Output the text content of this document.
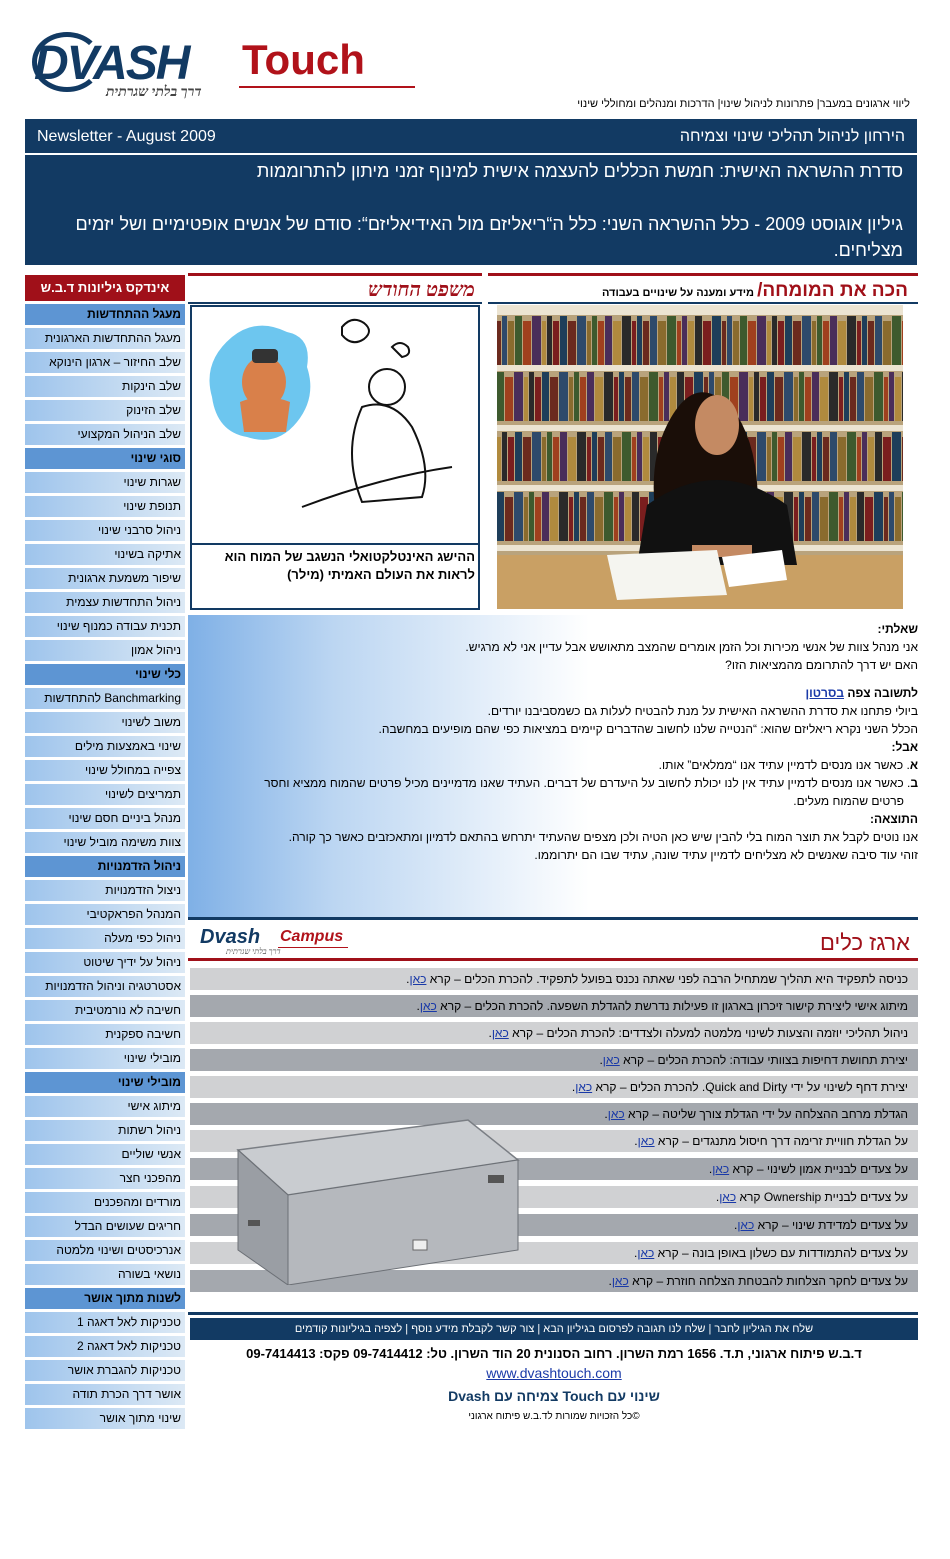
DVASH Touch
דרך בלתי שגרתית
ליווי ארגונים במעבר| פתרונות לניהול שינוי| הדרכות ומנהלים ומחוללי שינוי
Newsletter - August 2009	הירחון לניהול תהליכי שינוי וצמיחה
סדרת ההשראה האישית: חמשת הכללים להעצמה אישית למינוף זמני מיתון להתרוממות
גיליון אוגוסט 2009 - כלל ההשראה השני: כלל ה“ריאליזם מול האידיאליזם“: סודם של אנשים אופטימיים ושל יזמים מצליחים.
אינדקס גיליונות ד.ב.ש
מעגל ההתחדשות
מעגל ההתחדשות הארגונית
שלב החיזור – ארגון הינוקא
שלב הינקות
שלב הזינוק
שלב הניהול המקצועי
סוגי שינוי
שגרות שינוי
תנופת שינוי
ניהול סרבני שינוי
אתיקה בשינוי
שיפור משמעת ארגונית
ניהול התחדשות עצמית
תכנית עבודה כמנוף שינוי
ניהול אמון
כלי שינוי
Banchmarking להתחדשות
משוב לשינוי
שינוי באמצעות מילים
צפייה במחולל שינוי
תמריצים לשינוי
מנהל ביניים חסם שינוי
צוות משימה מוביל שינוי
ניהול הזדמנויות
ניצול הזדמנויות
המנהל הפראקטיבי
ניהול כפי מעלה
ניהול על ידיך שיטוט
אסטרטגיה וניהול הזדמנויות
חשיבה לא נורמטיבית
חשיבה ספקנית
מובילי שינוי
מובילי שינוי
מיתוג אישי
ניהול רשתות
אנשי שוליים
מהפכני חצר
מורדים ומהפכנים
חריגים שעושים הבדל
אנרכיסטים ושינוי מלמטה
נושאי בשורה
לשנות מתוך אושר
טכניקות לאל דאגה 1
טכניקות לאל דאגה 2
טכניקות להגברת אושר
אושר דרך הכרת תודה
שינוי מתוך אושר
הכה את המומחה/ מידע ומענה על שינויים בעבודה
משפט החודש
ההישג האינטלקטואלי הנשגב של המוח הוא לראות את העולם האמיתי (מילר)
שאלתי:
אני מנהל צוות של אנשי מכירות וכל הזמן אומרים שהמצב מתאושש אבל עדיין אני לא מרגיש.
האם יש דרך להתרומם מהמציאות הזו?
לתשובה צפה בסרטון
ביולי פתחנו את סדרת ההשראה האישית על מנת להבטיח לעלות גם כשמסביבנו יורדים.
הכלל השני נקרא ריאליזם שהוא: “הנטייה שלנו לחשוב שהדברים קיימים במציאות כפי שהם מופיעים במחשבה.
אבל:
א. כאשר אנו מנסים לדמיין עתיד אנו “ממלאים” אותו.
ב. כאשר אנו מנסים לדמיין עתיד אין לנו יכולת לחשוב על היעדרם של דברים. העתיד שאנו מדמיינים מכיל פרטים שהמוח ממציא וחסר
פרטים שהמוח מעלים.
התוצאה:
אנו נוטים לקבל את תוצר המוח בלי להבין שיש כאן הטיה ולכן מצפים שהעתיד יתרחש בהתאם לדמיון ומתאכזבים כאשר כך קורה.
זוהי עוד סיבה שאנשים לא מצליחים לדמיין עתיד שונה, עתיד שבו הם יתרוממו.
Dvash Campus
דרך בלתי שגרתית	ארגז כלים
כניסה לתפקיד היא תהליך שמתחיל הרבה לפני שאתה נכנס בפועל לתפקיד. להכרת הכלים – קרא כאן.
מיתוג אישי ליצירת קישור זיכרון בארגון זו פעילות נדרשת להגדלת השפעה. להכרת הכלים – קרא כאן.
ניהול תהליכי יוזמה והצעות לשינוי מלמטה למעלה ולצדדים: להכרת הכלים – קרא כאן.
יצירת תחושת דחיפות בצוותי עבודה: להכרת הכלים – קרא כאן.
יצירת דחף לשינוי על ידי Quick and Dirty. להכרת הכלים – קרא כאן.
הגדלת מרחב ההצלחה על ידי הגדלת צורך שליטה – קרא כאן.
על הגדלת חוויית זרימה דרך חיסול מתנגדים – קרא כאן.
על צעדים לבניית אמון לשינוי – קרא כאן.
על צעדים לבניית Ownership קרא כאן.
על צעדים למדידת שינוי – קרא כאן.
על צעדים להתמודדות עם כשלון באופן בונה – קרא כאן.
על צעדים לחקר הצלחות להבטחת הצלחה חוזרת – קרא כאן.
שלח את הגיליון לחבר | שלח לנו תגובה לפרסום בגיליון הבא | צור קשר לקבלת מידע נוסף | לצפיה בגיליונות קודמים
ד.ב.ש פיתוח ארגוני, ת.ד. 1656 רמת השרון. רחוב הסנונית 20 הוד השרון. טל: 09-7414412 פקס: 09-7414413
www.dvashtouch.com
שינוי עם Touch צמיחה עם Dvash
©כל הזכויות שמורות לד.ב.ש פיתוח ארגוני
